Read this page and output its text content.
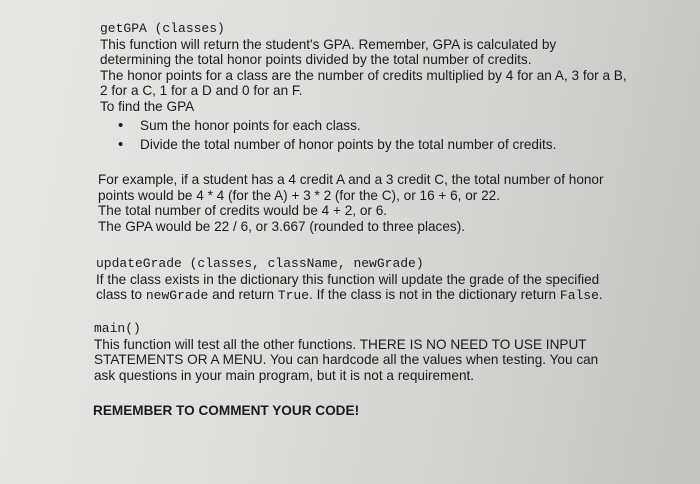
getGPA (classes)
This function will return the student's GPA. Remember, GPA is calculated by
determining the total honor points divided by the total number of credits.
The honor points for a class are the number of credits multiplied by 4 for an A, 3 for a B,
2 for a C, 1 for a D and 0 for an F.
To find the GPA
• Sum the honor points for each class.
• Divide the total number of honor points by the total number of credits.
For example, if a student has a 4 credit A and a 3 credit C, the total number of honor
points would be 4 * 4 (for the A) + 3 * 2 (for the C), or 16 + 6, or 22.
The total number of credits would be 4 + 2, or 6.
The GPA would be 22 / 6, or 3.667 (rounded to three places).
updateGrade (classes, className, newGrade)
If the class exists in the dictionary this function will update the grade of the specified
class to newGrade and return True. If the class is not in the dictionary return False.
main()
This function will test all the other functions. THERE IS NO NEED TO USE INPUT
STATEMENTS OR A MENU. You can hardcode all the values when testing. You can
ask questions in your main program, but it is not a requirement.
REMEMBER TO COMMENT YOUR CODE!
